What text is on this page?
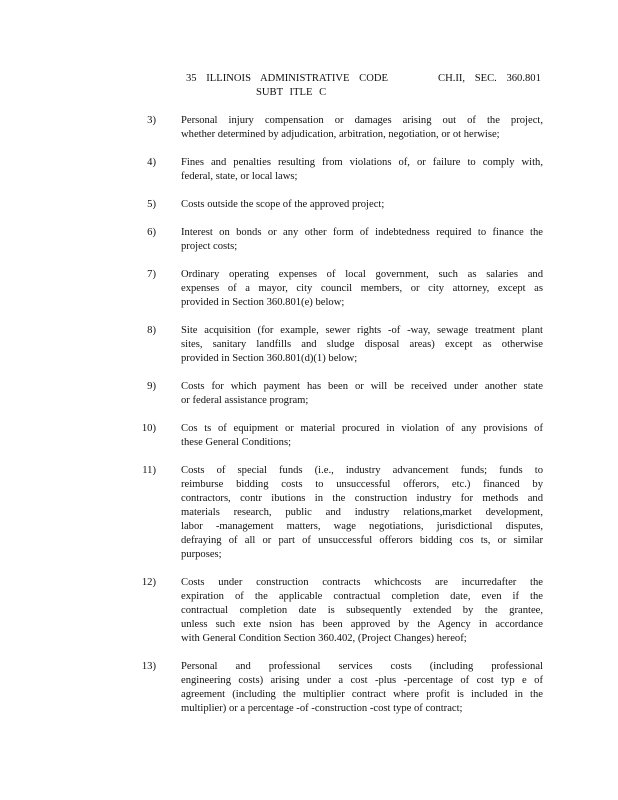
35 ILLINOIS ADMINISTRATIVE CODE	CH.II, SEC. 360.801
SUBT ITLE C
3) Personal injury compensation or damages arising out of the project,
whether determined by adjudication, arbitration, negotiation, or ot herwise;
4) Fines and penalties resulting from violations of, or failure to comply with,
federal, state, or local laws;
5) Costs outside the scope of the approved project;
6) Interest on bonds or any other form of indebtedness required to finance the
project costs;
7) Ordinary operating expenses of local government, such as salaries and
expenses of a mayor, city council members, or city attorney, except as
provided in Section 360.801(e) below;
8) Site acquisition (for example, sewer rights -of -way, sewage treatment plant
sites, sanitary landfills and sludge disposal areas) except as otherwise
provided in Section 360.801(d)(1) below;
9) Costs for which payment has been or will be received under another state
or federal assistance program;
10) Cos ts of equipment or material procured in violation of any provisions of
these General Conditions;
11) Costs of special funds (i.e., industry advancement funds; funds to
reimburse bidding costs to unsuccessful offerors, etc.) financed by
contractors, contr ibutions in the construction industry for methods and
materials research, public and industry relations,market development,
labor -management matters, wage negotiations, jurisdictional disputes,
defraying of all or part of unsuccessful offerors bidding cos ts, or similar
purposes;
12) Costs under construction contracts whichcosts are incurredafter the
expiration of the applicable contractual completion date, even if the
contractual completion date is subsequently extended by the grantee,
unless such exte nsion has been approved by the Agency in accordance
with General Condition Section 360.402, (Project Changes) hereof;
13) Personal and professional services costs (including professional
engineering costs) arising under a cost -plus -percentage of cost typ e of
agreement (including the multiplier contract where profit is included in the
multiplier) or a percentage -of -construction -cost type of contract;
